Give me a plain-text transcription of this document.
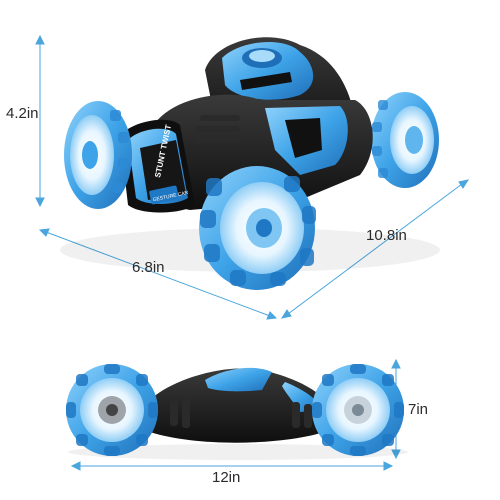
STUNT TWIST
GESTURE CAR
4.2in
6.8in
10.8in
7in
12in
